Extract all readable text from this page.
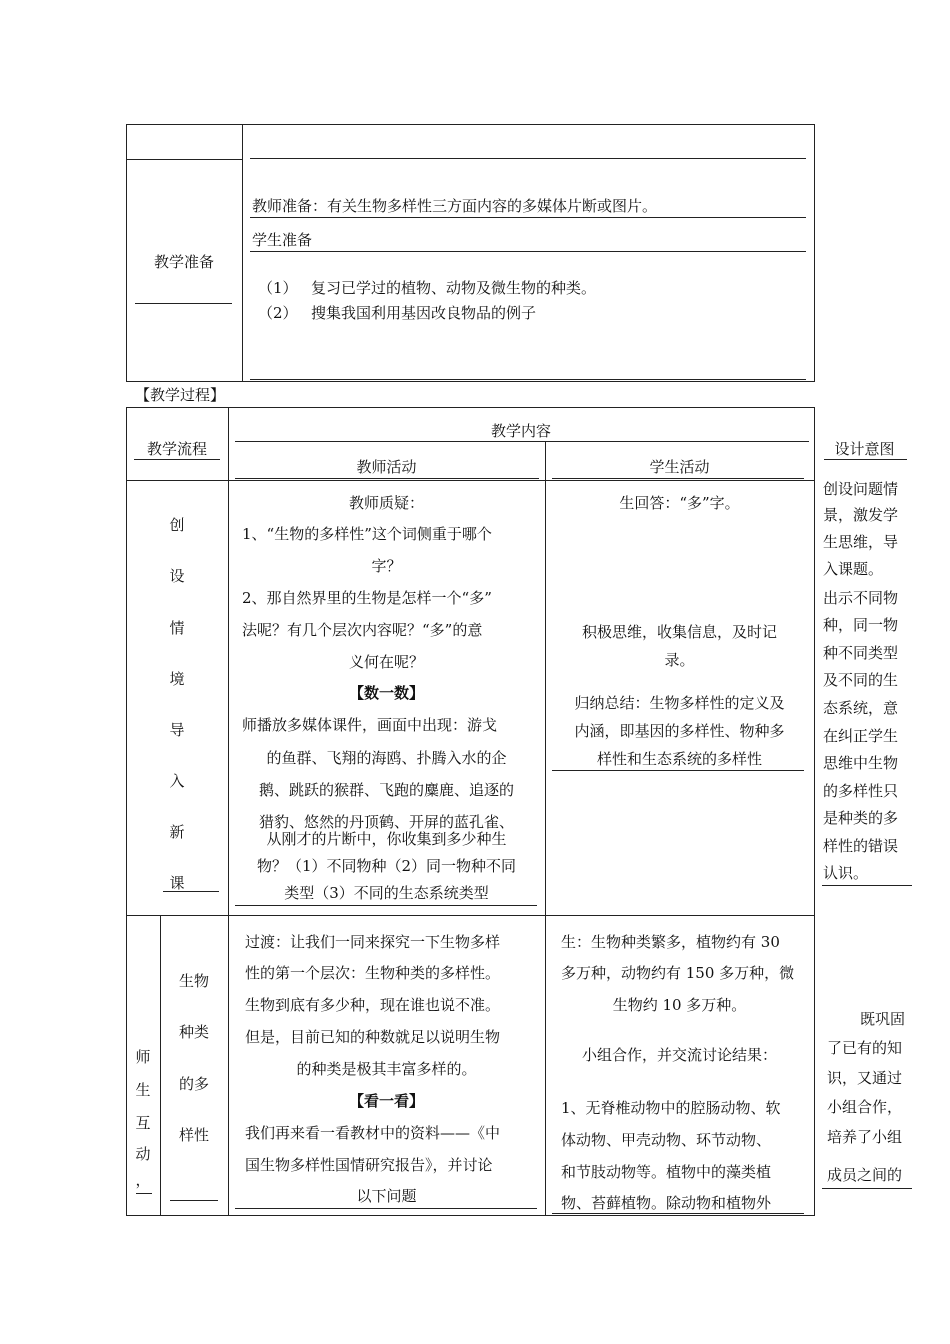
教学准备
教师准备：有关生物多样性三方面内容的多媒体片断或图片。
学生准备
（1） 复习已学过的植物、动物及微生物的种类。
（2） 搜集我国利用基因改良物品的例子
【教学过程】
教学流程
教学内容
教师活动	学生活动
设计意图
创
设
情
境
导
入
新
课
教师质疑：
1、“生物的多样性”这个词侧重于哪个
字？
2、那自然界里的生物是怎样一个“多”
法呢？有几个层次内容呢？“多”的意
义何在呢？
【数一数】
师播放多媒体课件，画面中出现：游戈
的鱼群、飞翔的海鸥、扑腾入水的企
鹅、跳跃的猴群、飞跑的麋鹿、追逐的
猎豹、悠然的丹顶鹤、开屏的蓝孔雀、
从刚才的片断中，你收集到多少种生
物？（1）不同物种（2）同一物种不同
类型（3）不同的生态系统类型
生回答：“多”字。
积极思维，收集信息，及时记
录。
归纳总结：生物多样性的定义及
内涵，即基因的多样性、物种多
样性和生态系统的多样性
创设问题情
景，激发学
生思维，导
入课题。
出示不同物
种，同一物
种不同类型
及不同的生
态系统，意
在纠正学生
思维中生物
的多样性只
是种类的多
样性的错误
认识。
师
生
互
动
，
生物
种类
的多
样性
过渡：让我们一同来探究一下生物多样
性的第一个层次：生物种类的多样性。
生物到底有多少种，现在谁也说不准。
但是，目前已知的种数就足以说明生物
的种类是极其丰富多样的。
【看一看】
我们再来看一看教材中的资料——《中
国生物多样性国情研究报告》，并讨论
以下问题
生：生物种类繁多，植物约有 30
多万种，动物约有 150 多万种，微
生物约 10 多万种。
小组合作，并交流讨论结果：
1、无脊椎动物中的腔肠动物、软
体动物、甲壳动物、环节动物、
和节肢动物等。植物中的藻类植
物、苔藓植物。除动物和植物外
既巩固
了已有的知
识，又通过
小组合作，
培养了小组
成员之间的
